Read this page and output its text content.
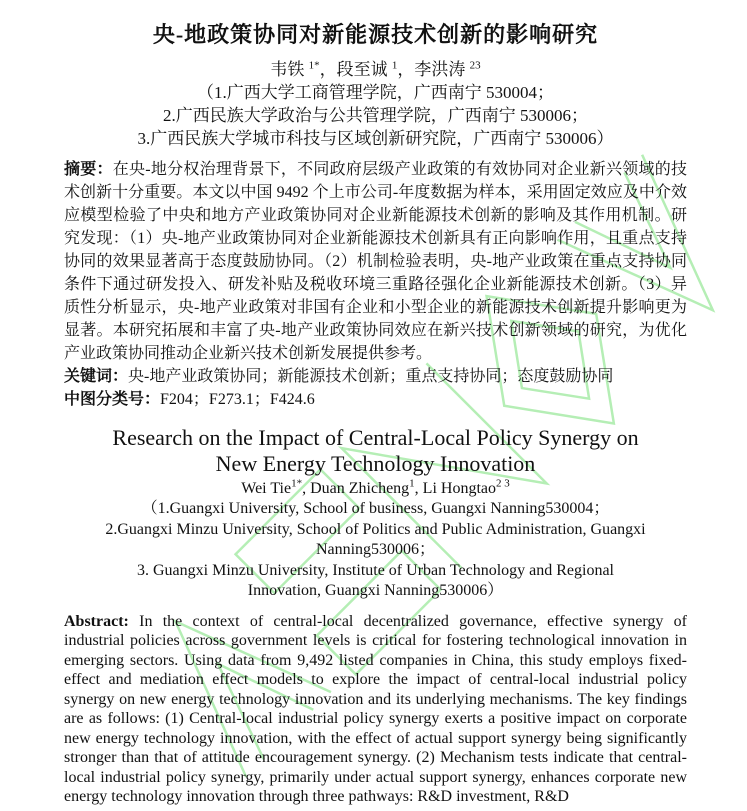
央-地政策协同对新能源技术创新的影响研究
韦铁 $^{1*}$，段至诚 $^1$，李洪涛 $^{23}$
（1.广西大学工商管理学院，广西南宁 530004；
2.广西民族大学政治与公共管理学院，广西南宁 530006；
3.广西民族大学城市科技与区域创新研究院，广西南宁 530006）

摘要：在央-地分权治理背景下，不同政府层级产业政策的有效协同对企业新兴领域的技术创新十分重要。本文以中国 9492 个上市公司-年度数据为样本，采用固定效应及中介效应模型检验了中央和地方产业政策协同对企业新能源技术创新的影响及其作用机制。研究发现：（1）央-地产业政策协同对企业新能源技术创新具有正向影响作用，且重点支持协同的效果显著高于态度鼓励协同。（2）机制检验表明，央-地产业政策在重点支持协同条件下通过研发投入、研发补贴及税收环境三重路径强化企业新能源技术创新。（3）异质性分析显示，央-地产业政策对非国有企业和小型企业的新能源技术创新提升影响更为显著。本研究拓展和丰富了央-地产业政策协同效应在新兴技术创新领域的研究，为优化产业政策协同推动企业新兴技术创新发展提供参考。

关键词：央-地产业政策协同；新能源技术创新；重点支持协同；态度鼓励协同

中图分类号：F204；F273.1；F424.6

Research on the Impact of Central-Local Policy Synergy on
New Energy Technology Innovation
Wei Tie$^{1*}$, Duan Zhicheng$^1$, Li Hongtao$^{2 3}$
（1.Guangxi University, School of business, Guangxi Nanning530004；
2.Guangxi Minzu University, School of Politics and Public Administration, Guangxi
Nanning530006；
3. Guangxi Minzu University, Institute of Urban Technology and Regional
Innovation, Guangxi Nanning530006）

Abstract: In the context of central-local decentralized governance, effective synergy of industrial policies across government levels is critical for fostering technological innovation in emerging sectors. Using data from 9,492 listed companies in China, this study employs fixed-effect and mediation effect models to explore the impact of central-local industrial policy synergy on new energy technology innovation and its underlying mechanisms. The key findings are as follows: (1) Central-local industrial policy synergy exerts a positive impact on corporate new energy technology innovation, with the effect of actual support synergy being significantly stronger than that of attitude encouragement synergy. (2) Mechanism tests indicate that central-local industrial policy synergy, primarily under actual support synergy, enhances corporate new energy technology innovation through three pathways: R&D investment, R&D
